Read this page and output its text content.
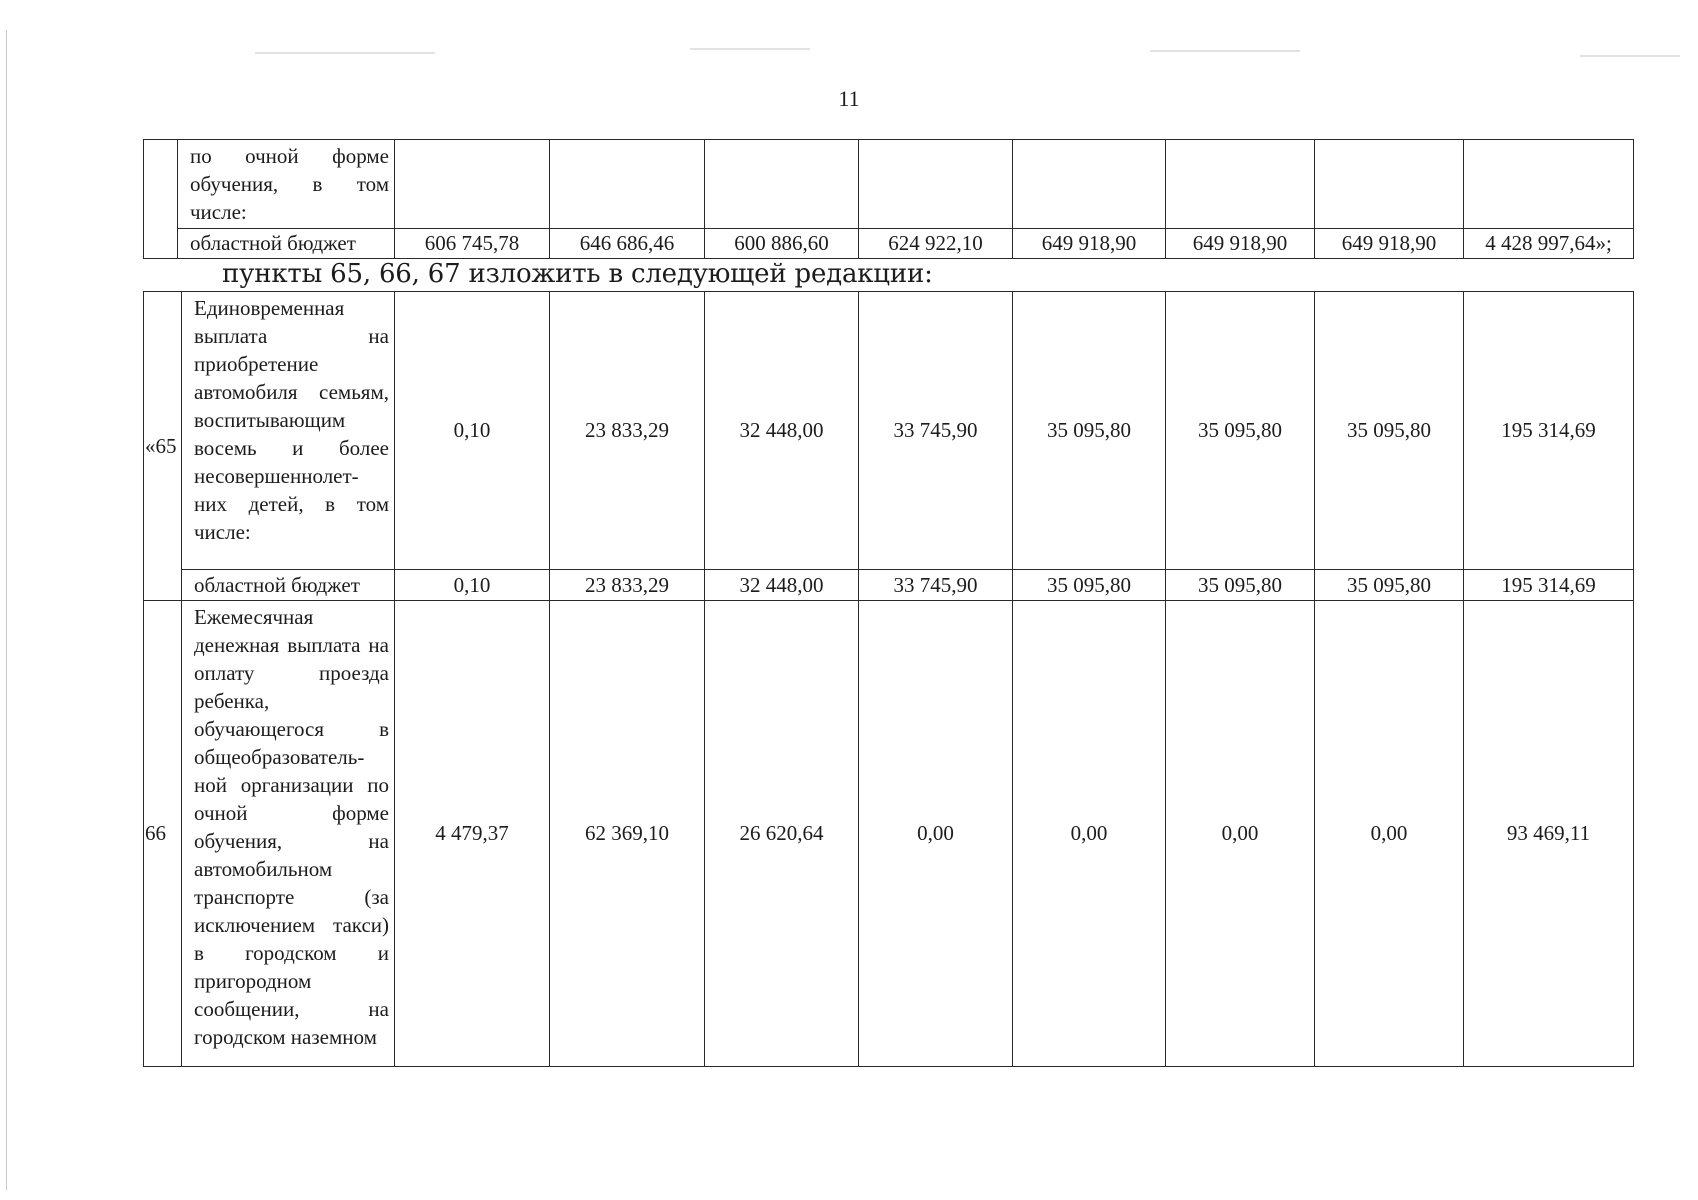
11
	по очной форме обучения, в том числе:								
	областной бюджет	606 745,78	646 686,46	600 886,60	624 922,10	649 918,90	649 918,90	649 918,90	4 428 997,64»;
пункты 65, 66, 67 изложить в следующей редакции:
«65	Единовременная выплата на приобретение автомобиля семьям, воспитывающим восемь и более несовершеннолет-них детей, в том числе:	0,10	23 833,29	32 448,00	33 745,90	35 095,80	35 095,80	35 095,80	195 314,69
	областной бюджет	0,10	23 833,29	32 448,00	33 745,90	35 095,80	35 095,80	35 095,80	195 314,69
66	Ежемесячная денежная выплата на оплату проезда ребенка, обучающегося в общеобразователь-ной организации по очной форме обучения, на автомобильном транспорте (за исключением такси) в городском и пригородном сообщении, на городском наземном	4 479,37	62 369,10	26 620,64	0,00	0,00	0,00	0,00	93 469,11
